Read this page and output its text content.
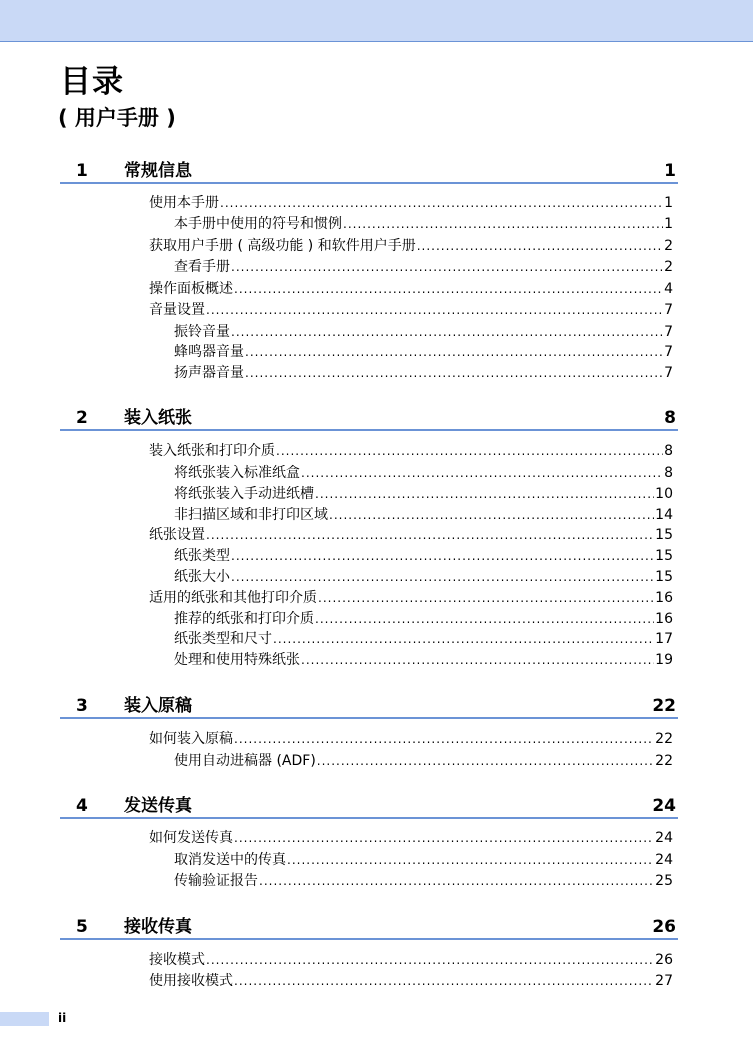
目录
( 用户手册 )
1 常规信息	1
使用本手册 .....	1
本手册中使用的符号和惯例 .....	1
获取用户手册 ( 高级功能 ) 和软件用户手册 .....	2
查看手册 .....	2
操作面板概述 .....	4
音量设置 .....	7
振铃音量 .....	7
蜂鸣器音量 .....	7
扬声器音量 .....	7
2 装入纸张	8
装入纸张和打印介质 .....	8
将纸张装入标准纸盒 .....	8
将纸张装入手动进纸槽 .....	10
非扫描区域和非打印区域 .....	14
纸张设置 .....	15
纸张类型 .....	15
纸张大小 .....	15
适用的纸张和其他打印介质 .....	16
推荐的纸张和打印介质 .....	16
纸张类型和尺寸 .....	17
处理和使用特殊纸张 .....	19
3 装入原稿	22
如何装入原稿 .....	22
使用自动进稿器 (ADF) .....	22
4 发送传真	24
如何发送传真 .....	24
取消发送中的传真 .....	24
传输验证报告 .....	25
5 接收传真	26
接收模式 .....	26
使用接收模式 .....	27
ii
